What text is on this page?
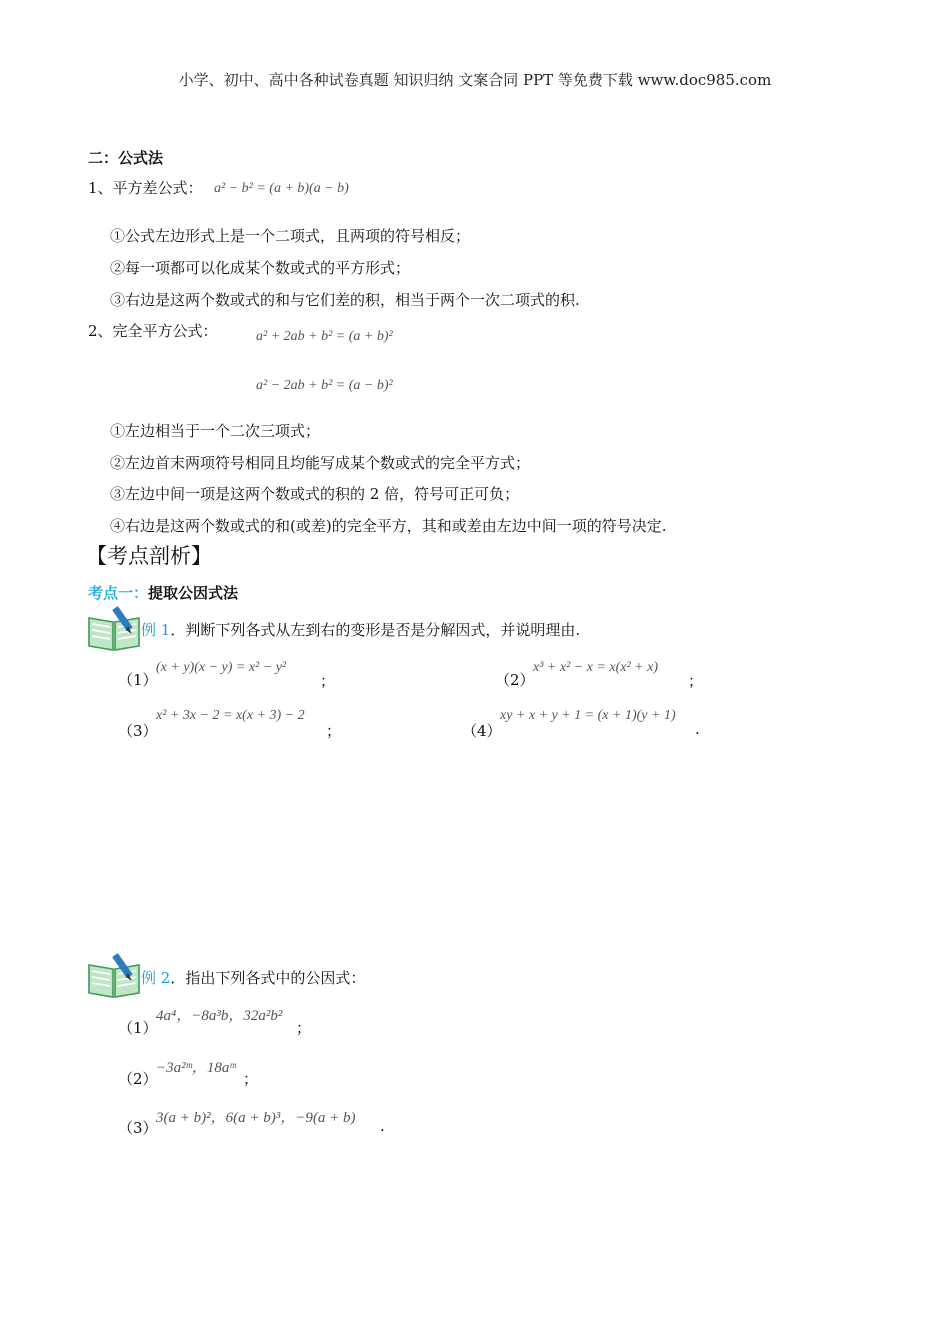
小学、初中、高中各种试卷真题 知识归纳 文案合同 PPT 等免费下载 www.doc985.com
二：公式法
1、平方差公式： a² − b² = (a + b)(a − b)
①公式左边形式上是一个二项式，且两项的符号相反；
②每一项都可以化成某个数或式的平方形式；
③右边是这两个数或式的和与它们差的积，相当于两个一次二项式的积.
2、完全平方公式：	a² + 2ab + b² = (a + b)²
a² − 2ab + b² = (a − b)²
①左边相当于一个二次三项式；
②左边首末两项符号相同且均能写成某个数或式的完全平方式；
③左边中间一项是这两个数或式的积的 2 倍，符号可正可负；
④右边是这两个数或式的和(或差)的完全平方，其和或差由左边中间一项的符号决定.
【考点剖析】
考点一：提取公因式法
例 1．判断下列各式从左到右的变形是否是分解因式，并说明理由.
（1）
(x + y)(x − y) = x² − y²
；	（2）
x³ + x² − x = x(x² + x)
；
（3）
x² + 3x − 2 = x(x + 3) − 2
；	（4）
xy + x + y + 1 = (x + 1)(y + 1)
.
例 2．指出下列各式中的公因式：
（1）
4a⁴，−8a³b，32a²b²
；
（2）
−3a²ᵐ，18aᵐ
；
（3）
3(a + b)²，6(a + b)³，−9(a + b) .
